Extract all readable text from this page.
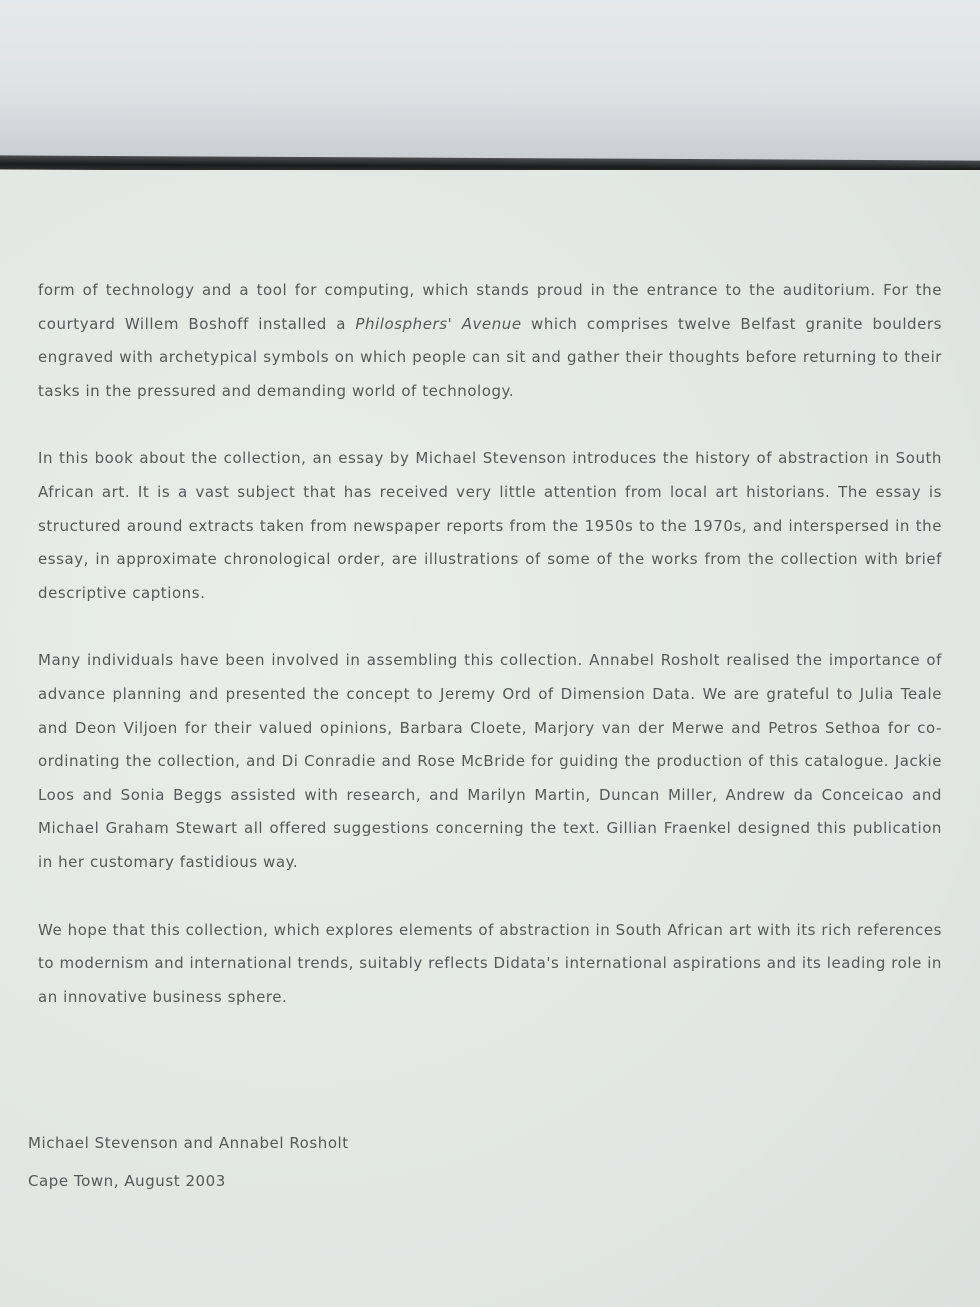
form of technology and a tool for computing, which stands proud in the entrance to the auditorium. For the courtyard Willem Boshoff installed a Philosphers' Avenue which comprises twelve Belfast granite boulders engraved with archetypical symbols on which people can sit and gather their thoughts before returning to their tasks in the pressured and demanding world of technology.

In this book about the collection, an essay by Michael Stevenson introduces the history of abstraction in South African art. It is a vast subject that has received very little attention from local art historians. The essay is structured around extracts taken from newspaper reports from the 1950s to the 1970s, and interspersed in the essay, in approximate chronological order, are illustrations of some of the works from the collection with brief descriptive captions.

Many individuals have been involved in assembling this collection. Annabel Rosholt realised the importance of advance planning and presented the concept to Jeremy Ord of Dimension Data. We are grateful to Julia Teale and Deon Viljoen for their valued opinions, Barbara Cloete, Marjory van der Merwe and Petros Sethoa for co-ordinating the collection, and Di Conradie and Rose McBride for guiding the production of this catalogue. Jackie Loos and Sonia Beggs assisted with research, and Marilyn Martin, Duncan Miller, Andrew da Conceicao and Michael Graham Stewart all offered suggestions concerning the text. Gillian Fraenkel designed this publication in her customary fastidious way.

We hope that this collection, which explores elements of abstraction in South African art with its rich references to modernism and international trends, suitably reflects Didata's international aspirations and its leading role in an innovative business sphere.

Michael Stevenson and Annabel Rosholt
Cape Town, August 2003
